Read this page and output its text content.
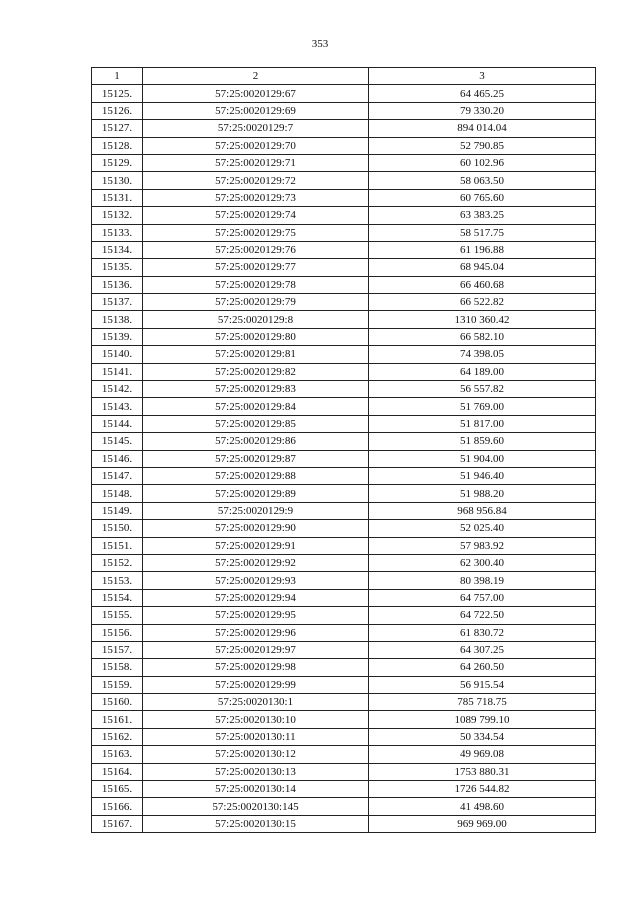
353
1	2	3
15125.	57:25:0020129:67	64 465.25
15126.	57:25:0020129:69	79 330.20
15127.	57:25:0020129:7	894 014.04
15128.	57:25:0020129:70	52 790.85
15129.	57:25:0020129:71	60 102.96
15130.	57:25:0020129:72	58 063.50
15131.	57:25:0020129:73	60 765.60
15132.	57:25:0020129:74	63 383.25
15133.	57:25:0020129:75	58 517.75
15134.	57:25:0020129:76	61 196.88
15135.	57:25:0020129:77	68 945.04
15136.	57:25:0020129:78	66 460.68
15137.	57:25:0020129:79	66 522.82
15138.	57:25:0020129:8	1310 360.42
15139.	57:25:0020129:80	66 582.10
15140.	57:25:0020129:81	74 398.05
15141.	57:25:0020129:82	64 189.00
15142.	57:25:0020129:83	56 557.82
15143.	57:25:0020129:84	51 769.00
15144.	57:25:0020129:85	51 817.00
15145.	57:25:0020129:86	51 859.60
15146.	57:25:0020129:87	51 904.00
15147.	57:25:0020129:88	51 946.40
15148.	57:25:0020129:89	51 988.20
15149.	57:25:0020129:9	968 956.84
15150.	57:25:0020129:90	52 025.40
15151.	57:25:0020129:91	57 983.92
15152.	57:25:0020129:92	62 300.40
15153.	57:25:0020129:93	80 398.19
15154.	57:25:0020129:94	64 757.00
15155.	57:25:0020129:95	64 722.50
15156.	57:25:0020129:96	61 830.72
15157.	57:25:0020129:97	64 307.25
15158.	57:25:0020129:98	64 260.50
15159.	57:25:0020129:99	56 915.54
15160.	57:25:0020130:1	785 718.75
15161.	57:25:0020130:10	1089 799.10
15162.	57:25:0020130:11	50 334.54
15163.	57:25:0020130:12	49 969.08
15164.	57:25:0020130:13	1753 880.31
15165.	57:25:0020130:14	1726 544.82
15166.	57:25:0020130:145	41 498.60
15167.	57:25:0020130:15	969 969.00
